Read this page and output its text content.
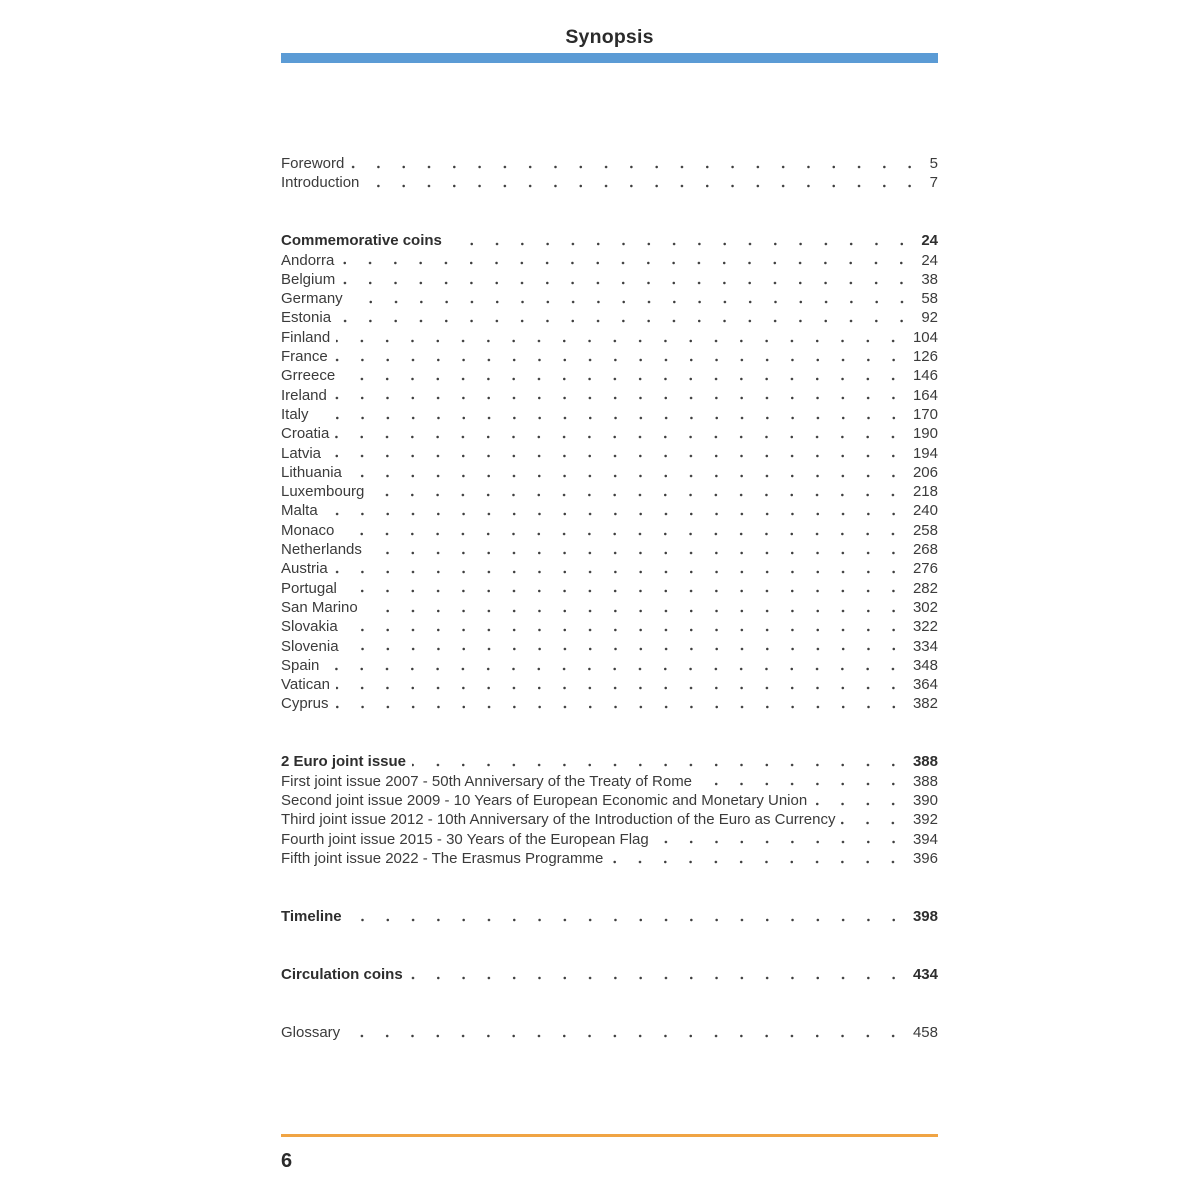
Synopsis
Foreword	5
Introduction	7
Commemorative coins	24
Andorra	24
Belgium	38
Germany	58
Estonia	92
Finland	104
France	126
Grreece	146
Ireland	164
Italy	170
Croatia	190
Latvia	194
Lithuania	206
Luxembourg	218
Malta	240
Monaco	258
Netherlands	268
Austria	276
Portugal	282
San Marino	302
Slovakia	322
Slovenia	334
Spain	348
Vatican	364
Cyprus	382
2 Euro joint issue	388
First joint issue 2007 - 50th Anniversary of the Treaty of Rome	388
Second joint issue 2009 - 10 Years of European Economic and Monetary Union	390
Third joint issue 2012 - 10th Anniversary of the Introduction of the Euro as Currency	392
Fourth joint issue 2015 - 30 Years of the European Flag	394
Fifth joint issue 2022 - The Erasmus Programme	396
Timeline	398
Circulation coins	434
Glossary	458
6
